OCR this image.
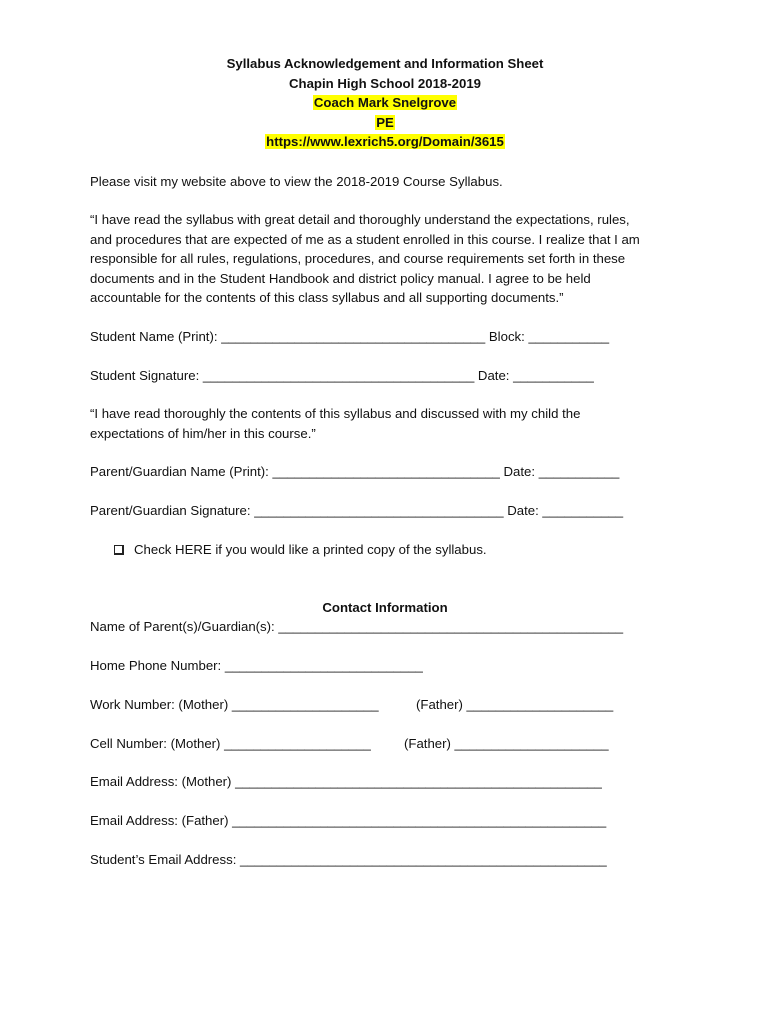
Syllabus Acknowledgement and Information Sheet
Chapin High School 2018-2019
Coach Mark Snelgrove
PE
https://www.lexrich5.org/Domain/3615
Please visit my website above to view the 2018-2019 Course Syllabus.
“I have read the syllabus with great detail and thoroughly understand the expectations, rules,
and procedures that are expected of me as a student enrolled in this course. I realize that I am
responsible for all rules, regulations, procedures, and course requirements set forth in these
documents and in the Student Handbook and district policy manual. I agree to be held
accountable for the contents of this class syllabus and all supporting documents.”
Student Name (Print): ____________________________________ Block: ___________
Student Signature: _____________________________________ Date: ___________
“I have read thoroughly the contents of this syllabus and discussed with my child the
expectations of him/her in this course.”
Parent/Guardian Name (Print): _______________________________ Date: ___________
Parent/Guardian Signature: __________________________________ Date: ___________
Check HERE if you would like a printed copy of the syllabus.
Contact Information
Name of Parent(s)/Guardian(s): _______________________________________________
Home Phone Number: ___________________________
Work Number: (Mother) ____________________	(Father) ____________________
Cell Number: (Mother) ____________________	(Father) _____________________
Email Address: (Mother) __________________________________________________
Email Address: (Father) ___________________________________________________
Student’s Email Address: __________________________________________________
